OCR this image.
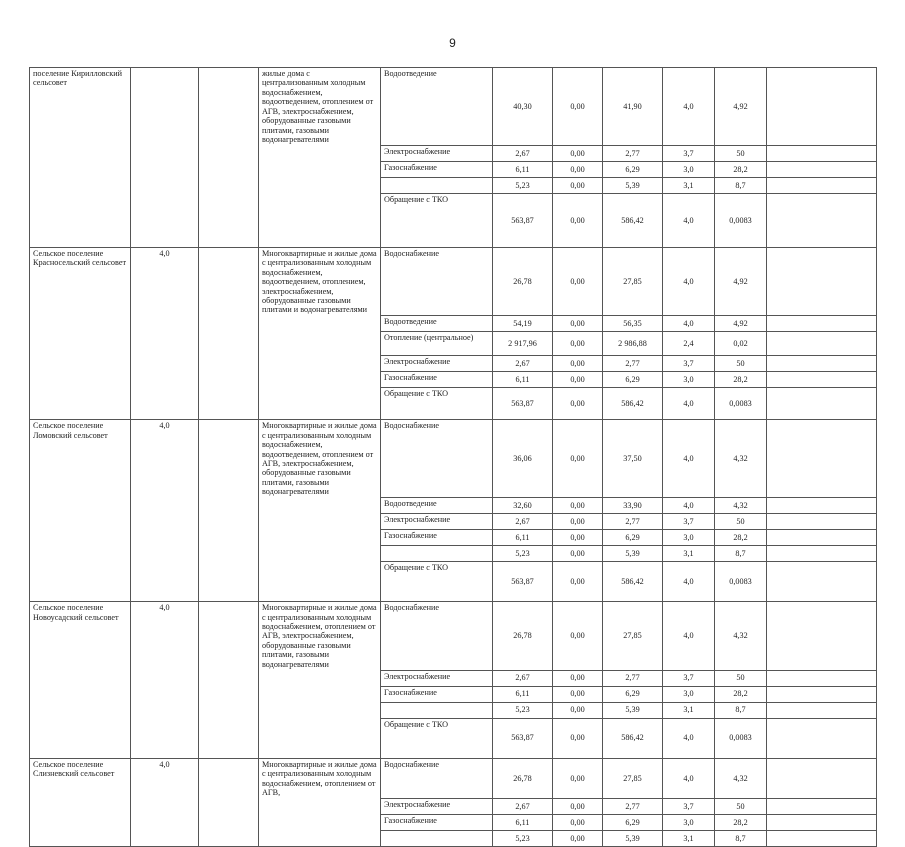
9
поселение Кирилловский сельсовет			жилые дома с централизованным холодным водоснабжением, водоотведением, отоплением от АГВ, электроснабжением, оборудованные газовыми плитами, газовыми водонагревателями	Водоотведение	40,30	0,00	41,90	4,0	4,92	
				Электроснабжение	2,67	0,00	2,77	3,7	50	
				Газоснабжение	6,11	0,00	6,29	3,0	28,2	
					5,23	0,00	5,39	3,1	8,7	
				Обращение с ТКО	563,87	0,00	586,42	4,0	0,0083	
Сельское поселение Красносельский сельсовет	4,0		Многоквартирные и жилые дома с централизованным холодным водоснабжением, водоотведением, отоплением, электроснабжением, оборудованные газовыми плитами и водонагревателями	Водоснабжение	26,78	0,00	27,85	4,0	4,92	
				Водоотведение	54,19	0,00	56,35	4,0	4,92	
				Отопление (центральное)	2 917,96	0,00	2 986,88	2,4	0,02	
				Электроснабжение	2,67	0,00	2,77	3,7	50	
				Газоснабжение	6,11	0,00	6,29	3,0	28,2	
				Обращение с ТКО	563,87	0,00	586,42	4,0	0,0083	
Сельское поселение Ломовский сельсовет	4,0		Многоквартирные и жилые дома с централизованным холодным водоснабжением, водоотведением, отоплением от АГВ, электроснабжением, оборудованные газовыми плитами, газовыми водонагревателями	Водоснабжение	36,06	0,00	37,50	4,0	4,32	
				Водоотведение	32,60	0,00	33,90	4,0	4,32	
				Электроснабжение	2,67	0,00	2,77	3,7	50	
				Газоснабжение	6,11	0,00	6,29	3,0	28,2	
					5,23	0,00	5,39	3,1	8,7	
				Обращение с ТКО	563,87	0,00	586,42	4,0	0,0083	
Сельское поселение Новоусадский сельсовет	4,0		Многоквартирные и жилые дома с централизованным холодным водоснабжением, отоплением от АГВ, электроснабжением, оборудованные газовыми плитами, газовыми водонагревателями	Водоснабжение	26,78	0,00	27,85	4,0	4,32	
				Электроснабжение	2,67	0,00	2,77	3,7	50	
				Газоснабжение	6,11	0,00	6,29	3,0	28,2	
					5,23	0,00	5,39	3,1	8,7	
				Обращение с ТКО	563,87	0,00	586,42	4,0	0,0083	
Сельское поселение Слизневский сельсовет	4,0		Многоквартирные и жилые дома с централизованным холодным водоснабжением, отоплением от АГВ,	Водоснабжение	26,78	0,00	27,85	4,0	4,32	
				Электроснабжение	2,67	0,00	2,77	3,7	50	
				Газоснабжение	6,11	0,00	6,29	3,0	28,2	
					5,23	0,00	5,39	3,1	8,7	
